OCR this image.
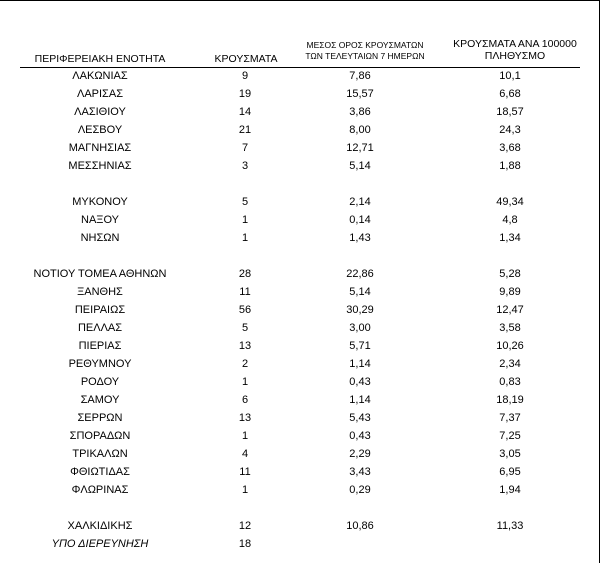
ΠΕΡΙΦΕΡΕΙΑΚΗ ΕΝΟΤΗΤΑ	ΚΡΟΥΣΜΑΤΑ
ΜΕΣΟΣ ΟΡΟΣ ΚΡΟΥΣΜΑΤΩΝ
ΤΩΝ ΤΕΛΕΥΤΑΙΩΝ 7 ΗΜΕΡΩΝ
ΚΡΟΥΣΜΑΤΑ ΑΝΑ 100000
ΠΛΗΘΥΣΜΟ
ΛΑΚΩΝΙΑΣ	9	7,86	10,1
ΛΑΡΙΣΑΣ	19	15,57	6,68
ΛΑΣΙΘΙΟΥ	14	3,86	18,57
ΛΕΣΒΟΥ	21	8,00	24,3
ΜΑΓΝΗΣΙΑΣ	7	12,71	3,68
ΜΕΣΣΗΝΙΑΣ	3	5,14	1,88
ΜΥΚΟΝΟΥ	5	2,14	49,34
ΝΑΞΟΥ	1	0,14	4,8
ΝΗΣΩΝ	1	1,43	1,34
ΝΟΤΙΟΥ ΤΟΜΕΑ ΑΘΗΝΩΝ	28	22,86	5,28
ΞΑΝΘΗΣ	11	5,14	9,89
ΠΕΙΡΑΙΩΣ	56	30,29	12,47
ΠΕΛΛΑΣ	5	3,00	3,58
ΠΙΕΡΙΑΣ	13	5,71	10,26
ΡΕΘΥΜΝΟΥ	2	1,14	2,34
ΡΟΔΟΥ	1	0,43	0,83
ΣΑΜΟΥ	6	1,14	18,19
ΣΕΡΡΩΝ	13	5,43	7,37
ΣΠΟΡΑΔΩΝ	1	0,43	7,25
ΤΡΙΚΑΛΩΝ	4	2,29	3,05
ΦΘΙΩΤΙΔΑΣ	11	3,43	6,95
ΦΛΩΡΙΝΑΣ	1	0,29	1,94
ΧΑΛΚΙΔΙΚΗΣ	12	10,86	11,33
ΥΠΟ ΔΙΕΡΕΥΝΗΣΗ	18
